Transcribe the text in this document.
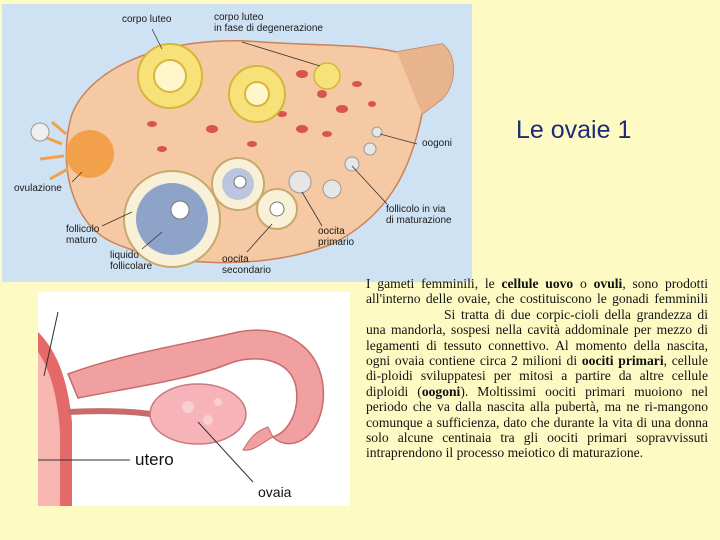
Le ovaie 1
corpo luteo	corpo luteo
in fase di degenerazione
oogoni
ovulazione
follicolo
maturo
liquido
follicolare
oocita
secondario
oocita
primario
follicolo in via
di maturazione
utero
ovaia
I gameti femminili, le cellule uovo o ovuli, sono prodotti all'interno delle ovaie, che costituiscono le gonadi femminiliSi tratta di due corpic-cioli della grandezza di una mandorla, sospesi nella cavità addominale per mezzo di legamenti di tessuto connettivo. Al momento della nascita, ogni ovaia contiene circa 2 milioni di oociti primari, cellule di-ploidi sviluppatesi per mitosi a partire da altre cellule diploidi (oogoni). Moltissimi oociti primari muoiono nel periodo che va dalla nascita alla pubertà, ma ne ri-mangono comunque a sufficienza, dato che durante la vita di una donna solo alcune centinaia tra gli oociti primari sopravvissuti intraprendono il processo meiotico di maturazione.
